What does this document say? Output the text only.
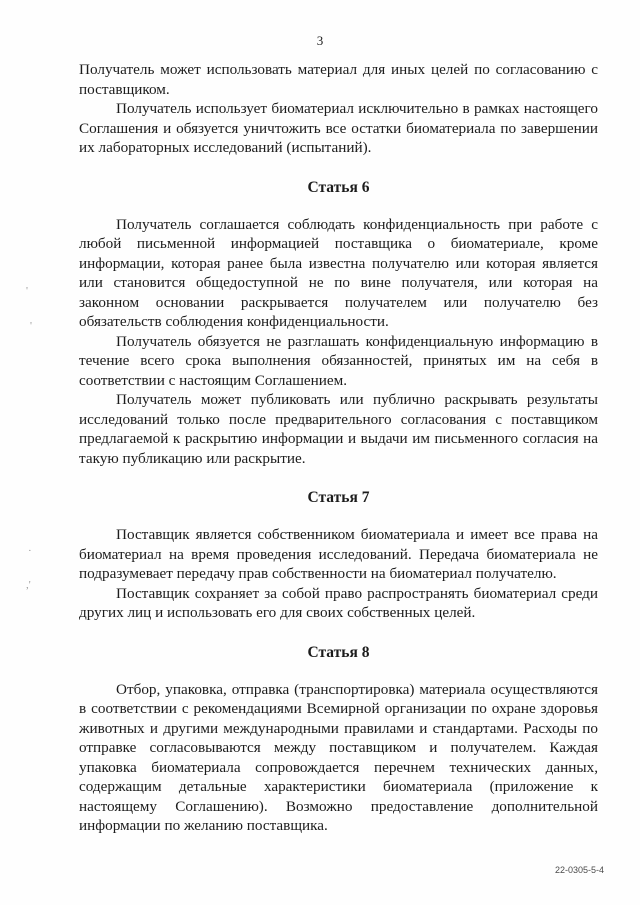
3

Получатель может использовать материал для иных целей по согласованию с поставщиком.

Получатель использует биоматериал исключительно в рамках настоящего Соглашения и обязуется уничтожить все остатки биоматериала по завершении их лабораторных исследований (испытаний).

Статья 6

Получатель соглашается соблюдать конфиденциальность при работе с любой письменной информацией поставщика о биоматериале, кроме информации, которая ранее была известна получателю или которая является или становится общедоступной не по вине получателя, или которая на законном основании раскрывается получателем или получателю без обязательств соблюдения конфиденциальности.

Получатель обязуется не разглашать конфиденциальную информацию в течение всего срока выполнения обязанностей, принятых им на себя в соответствии с настоящим Соглашением.

Получатель может публиковать или публично раскрывать результаты исследований только после предварительного согласования с поставщиком предлагаемой к раскрытию информации и выдачи им письменного согласия на такую публикацию или раскрытие.

Статья 7

Поставщик является собственником биоматериала и имеет все права на биоматериал на время проведения исследований. Передача биоматериала не подразумевает передачу прав собственности на биоматериал получателю.

Поставщик сохраняет за собой право распространять биоматериал среди других лиц и использовать его для своих собственных целей.

Статья 8

Отбор, упаковка, отправка (транспортировка) материала осуществляются в соответствии с рекомендациями Всемирной организации по охране здоровья животных и другими международными правилами и стандартами. Расходы по отправке согласовываются между поставщиком и получателем. Каждая упаковка биоматериала сопровождается перечнем технических данных, содержащим детальные характеристики биоматериала (приложение к настоящему Соглашению). Возможно предоставление дополнительной информации по желанию поставщика.

'
'
·
,'
22-0305-5-4
